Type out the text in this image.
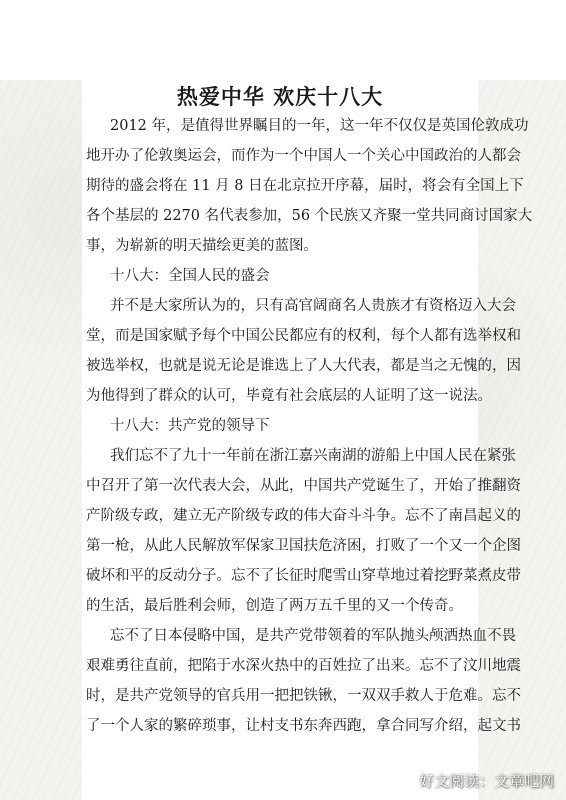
热爱中华 欢庆十八大
2012 年，是值得世界瞩目的一年，这一年不仅仅是英国伦敦成功
地开办了伦敦奥运会，而作为一个中国人一个关心中国政治的人都会
期待的盛会将在 11 月 8 日在北京拉开序幕，届时，将会有全国上下
各个基层的 2270 名代表参加，56 个民族又齐聚一堂共同商讨国家大
事，为崭新的明天描绘更美的蓝图。
十八大：全国人民的盛会
并不是大家所认为的，只有高官阔商名人贵族才有资格迈入大会
堂，而是国家赋予每个中国公民都应有的权利，每个人都有选举权和
被选举权，也就是说无论是谁选上了人大代表，都是当之无愧的，因
为他得到了群众的认可，毕竟有社会底层的人证明了这一说法。
十八大：共产党的领导下
我们忘不了九十一年前在浙江嘉兴南湖的游船上中国人民在紧张
中召开了第一次代表大会，从此，中国共产党诞生了，开始了推翻资
产阶级专政，建立无产阶级专政的伟大奋斗斗争。忘不了南昌起义的
第一枪，从此人民解放军保家卫国扶危济困，打败了一个又一个企图
破坏和平的反动分子。忘不了长征时爬雪山穿草地过着挖野菜煮皮带
的生活，最后胜利会师，创造了两万五千里的又一个传奇。
忘不了日本侵略中国，是共产党带领着的军队抛头颅洒热血不畏
艰难勇往直前，把陷于水深火热中的百姓拉了出来。忘不了汶川地震
时，是共产党领导的官兵用一把把铁锹，一双双手救人于危难。忘不
了一个人家的繁碎琐事，让村支书东奔西跑，拿合同写介绍，起文书
好文阅读：文章吧网
